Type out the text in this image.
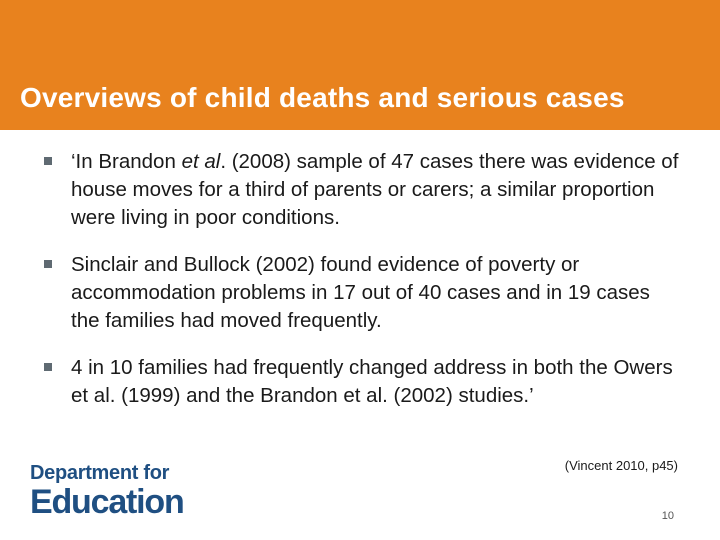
Overviews of child deaths and serious cases
‘In Brandon et al. (2008) sample of 47 cases there was evidence of house moves for a third of parents or carers; a similar proportion were living in poor conditions.
Sinclair and Bullock (2002) found evidence of poverty or accommodation problems in 17 out of 40 cases and in 19 cases the families had moved frequently.
4 in 10 families had frequently changed address in both the Owers et al. (1999) and the Brandon et al. (2002) studies.’
(Vincent 2010, p45)
Department for
Education	10
